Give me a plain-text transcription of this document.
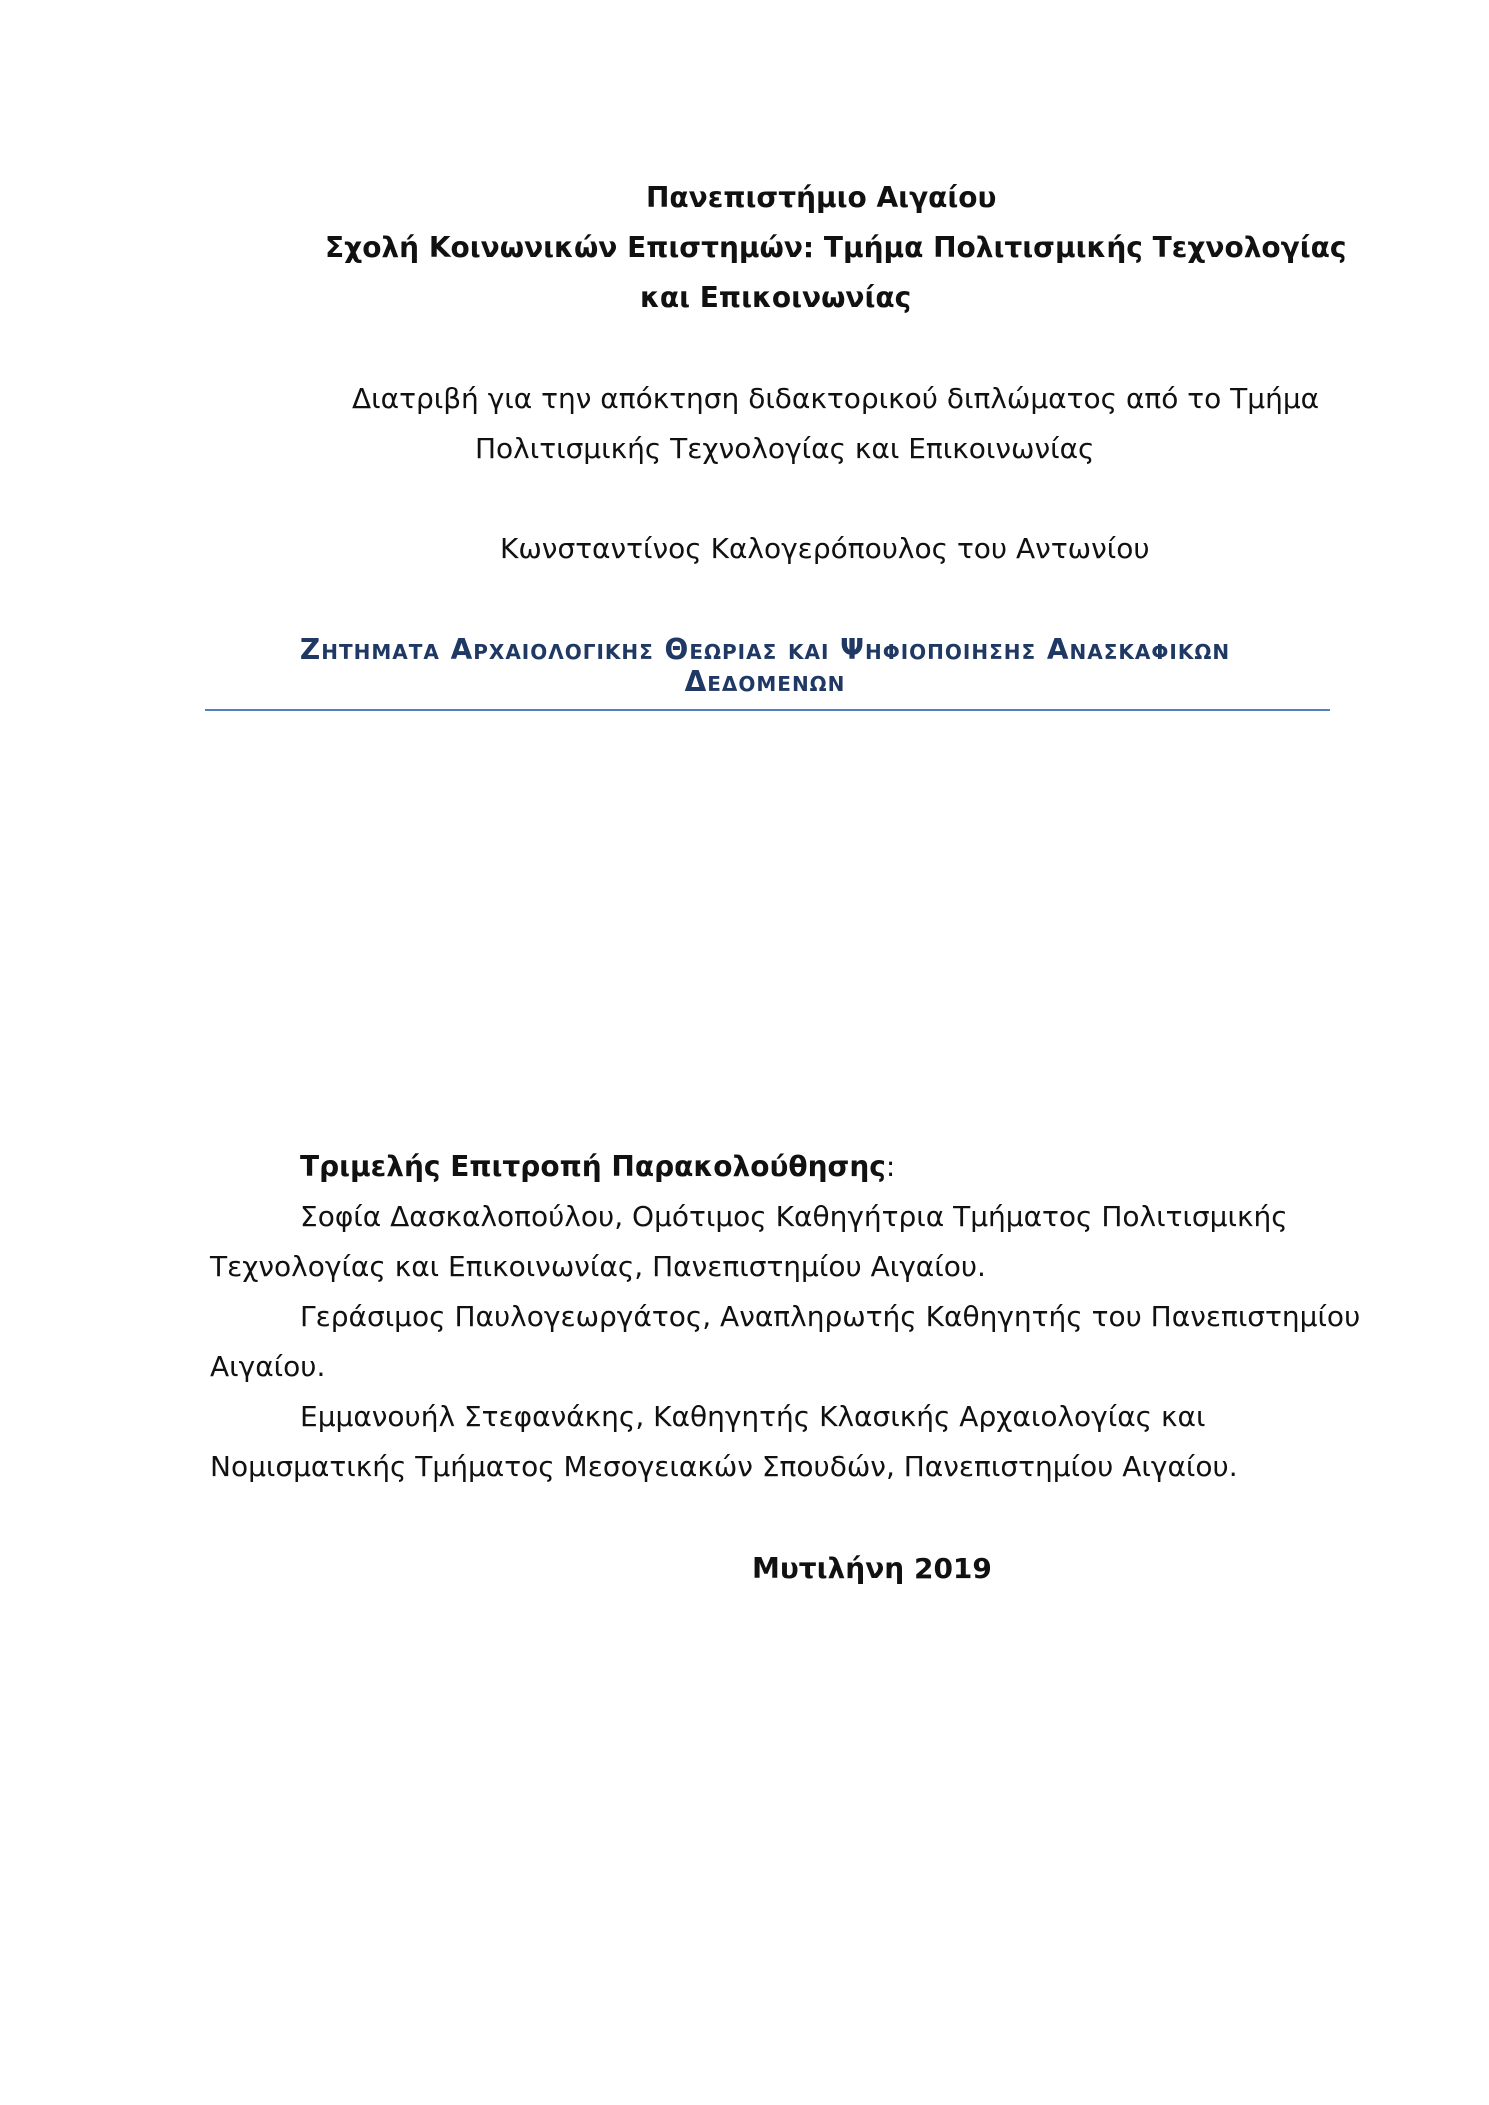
Πανεπιστήμιο Αιγαίου
Σχολή Κοινωνικών Επιστημών: Τμήμα Πολιτισμικής Τεχνολογίας
και Επικοινωνίας
Διατριβή για την απόκτηση διδακτορικού διπλώματος από το Τμήμα
Πολιτισμικής Τεχνολογίας και Επικοινωνίας
Κωνσταντίνος Καλογερόπουλος του Αντωνίου
Ζητηματα Αρχαιολογικης Θεωριας και Ψηφιοποιησης Ανασκαφικων
Δεδομενων
Τριμελής Επιτροπή Παρακολούθησης:
Σοφία Δασκαλοπούλου, Ομότιμος Καθηγήτρια Τμήματος Πολιτισμικής
Τεχνολογίας και Επικοινωνίας, Πανεπιστημίου Αιγαίου.
Γεράσιμος Παυλογεωργάτος, Αναπληρωτής Καθηγητής του Πανεπιστημίου
Αιγαίου.
Εμμανουήλ Στεφανάκης, Καθηγητής Κλασικής Αρχαιολογίας και
Νομισματικής Τμήματος Μεσογειακών Σπουδών, Πανεπιστημίου Αιγαίου.
Μυτιλήνη 2019
